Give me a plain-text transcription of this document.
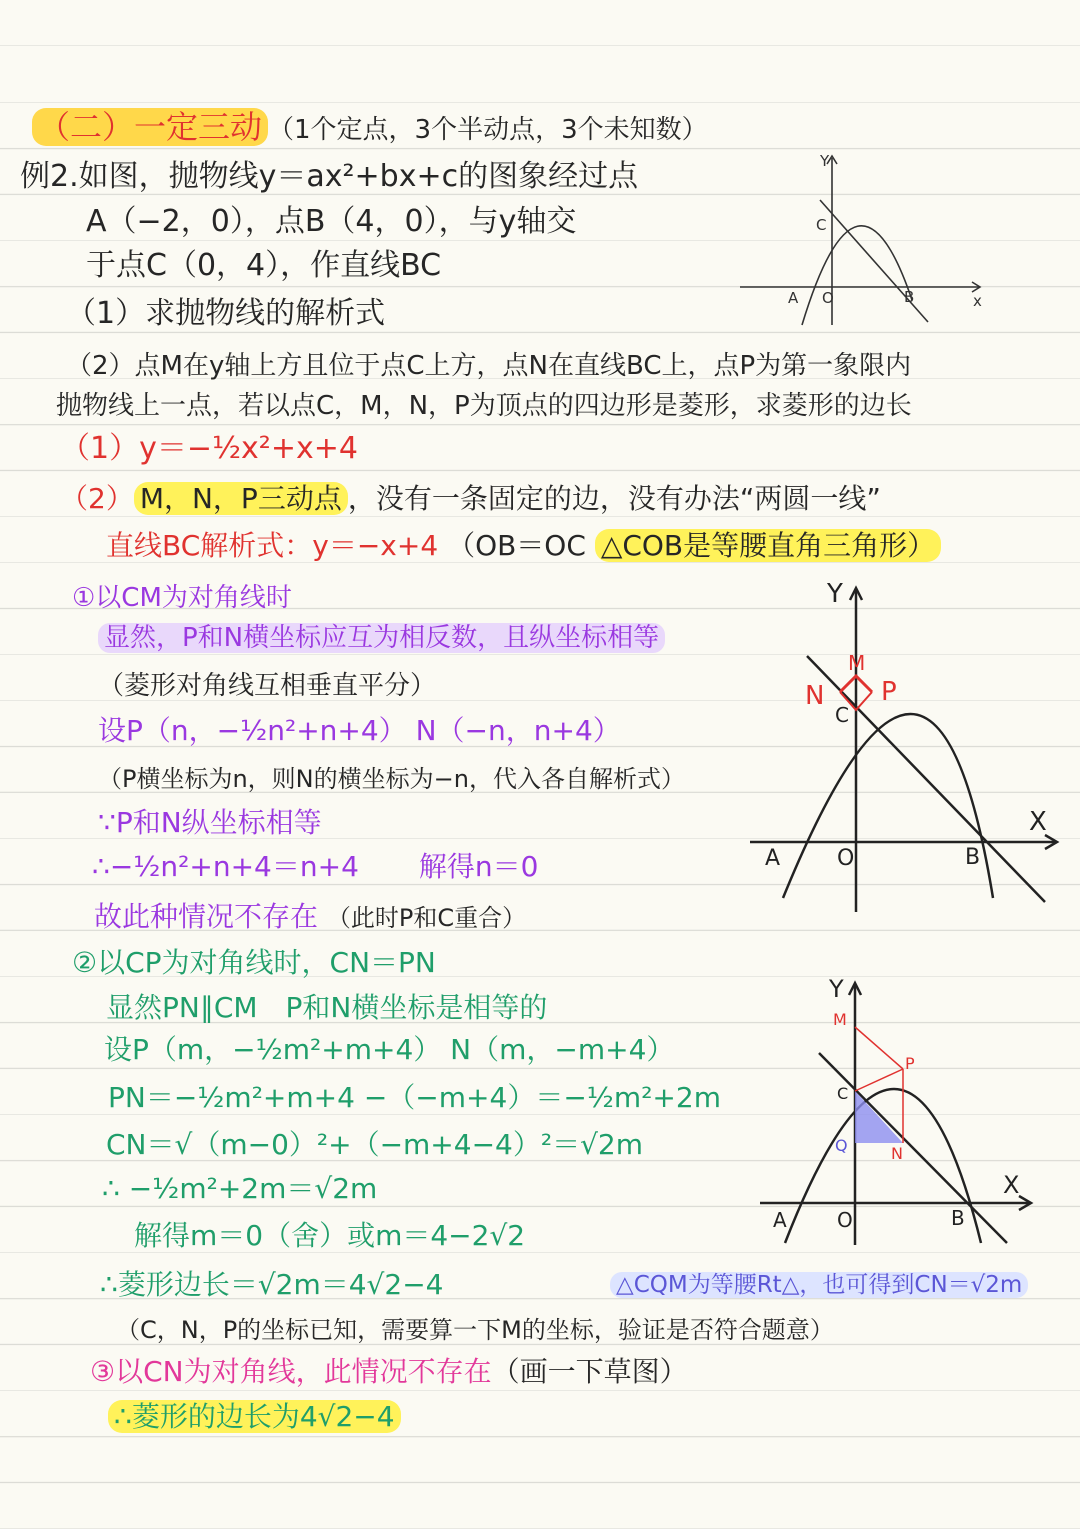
（二）一定三动 （1个定点，3个半动点，3个未知数）
例2.如图，抛物线y＝ax²+bx+c的图象经过点
A（−2，0），点B（4，0），与y轴交
于点C（0，4），作直线BC
（1）求抛物线的解析式
（2）点M在y轴上方且位于点C上方，点N在直线BC上，点P为第一象限内
抛物线上一点，若以点C，M，N，P为顶点的四边形是菱形，求菱形的边长
（1）y＝−½x²+x+4
（2） M，N，P三动点 ，没有一条固定的边，没有办法“两圆一线”
直线BC解析式：y＝−x+4 （OB＝OC △COB是等腰直角三角形）
①以CM为对角线时
显然，P和N横坐标应互为相反数，且纵坐标相等
（菱形对角线互相垂直平分）
设P（n，−½n²+n+4） N（−n，n+4）
（P横坐标为n，则N的横坐标为−n，代入各自解析式）
∵P和N纵坐标相等
∴−½n²+n+4＝n+4 解得n＝0
故此种情况不存在 （此时P和C重合）
②以CP为对角线时，CN＝PN
显然PN∥CM　P和N横坐标是相等的
设P（m，−½m²+m+4） N（m，−m+4）
PN＝−½m²+m+4 −（−m+4）＝−½m²+2m
CN＝√（m−0）²+（−m+4−4）²＝√2m
∴ −½m²+2m＝√2m
解得m＝0（舍）或m＝4−2√2
∴菱形边长＝√2m＝4√2−4	△CQM为等腰Rt△，也可得到CN＝√2m
（C，N，P的坐标已知，需要算一下M的坐标，验证是否符合题意）
③以CN为对角线，此情况不存在（画一下草图）
∴菱形的边长为4√2−4
Y
x
C
A O	B
Y
X
M
N P
C
A	O	B
Y
X
M
P
C
Q	N
A	O	B
